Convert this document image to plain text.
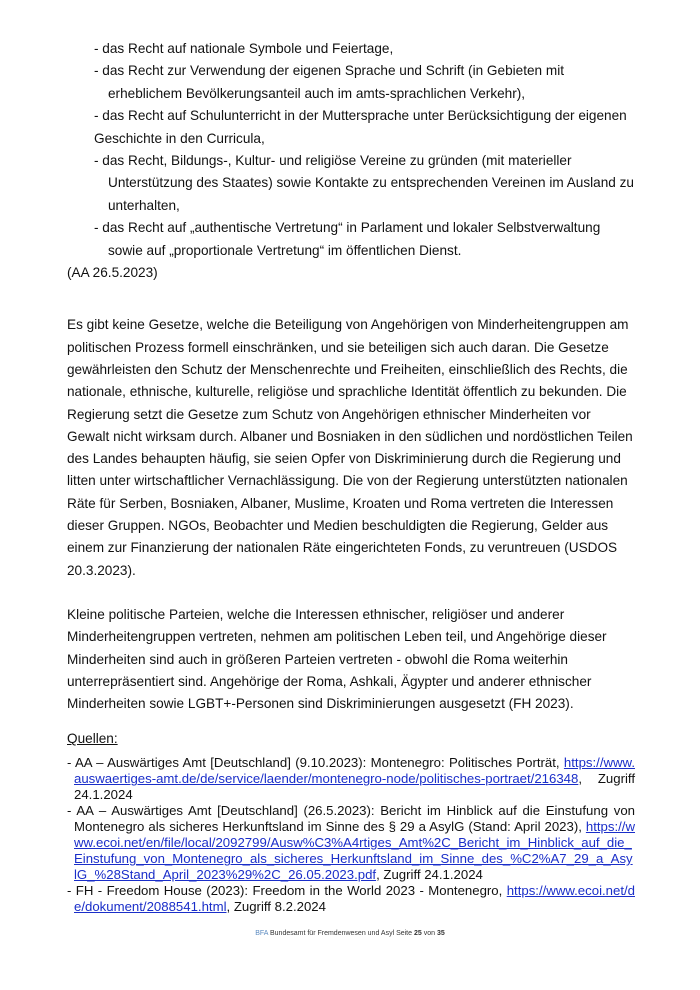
- das Recht auf nationale Symbole und Feiertage,
- das Recht zur Verwendung der eigenen Sprache und Schrift (in Gebieten mit erheblichem Bevölkerungsanteil auch im amts-sprachlichen Verkehr),
- das Recht auf Schulunterricht in der Muttersprache unter Berücksichtigung der eigenen Geschichte in den Curricula,
- das Recht, Bildungs-, Kultur- und religiöse Vereine zu gründen (mit materieller Unterstützung des Staates) sowie Kontakte zu entsprechenden Vereinen im Ausland zu unterhalten,
- das Recht auf „authentische Vertretung“ in Parlament und lokaler Selbstverwaltung sowie auf „proportionale Vertretung“ im öffentlichen Dienst.

(AA 26.5.2023)

Es gibt keine Gesetze, welche die Beteiligung von Angehörigen von Minderheitengruppen am politischen Prozess formell einschränken, und sie beteiligen sich auch daran. Die Gesetze gewährleisten den Schutz der Menschenrechte und Freiheiten, einschließlich des Rechts, die nationale, ethnische, kulturelle, religiöse und sprachliche Identität öffentlich zu bekunden. Die Regierung setzt die Gesetze zum Schutz von Angehörigen ethnischer Minderheiten vor Gewalt nicht wirksam durch. Albaner und Bosniaken in den südlichen und nordöstlichen Teilen des Landes behaupten häufig, sie seien Opfer von Diskriminierung durch die Regierung und litten unter wirtschaftlicher Vernachlässigung. Die von der Regierung unterstützten nationalen Räte für Serben, Bosniaken, Albaner, Muslime, Kroaten und Roma vertreten die Interessen dieser Gruppen. NGOs, Beobachter und Medien beschuldigten die Regierung, Gelder aus einem zur Finanzierung der nationalen Räte eingerichteten Fonds, zu veruntreuen (USDOS 20.3.2023).

Kleine politische Parteien, welche die Interessen ethnischer, religiöser und anderer Minderheitengruppen vertreten, nehmen am politischen Leben teil, und Angehörige dieser Minderheiten sind auch in größeren Parteien vertreten - obwohl die Roma weiterhin unterrepräsentiert sind. Angehörige der Roma, Ashkali, Ägypter und anderer ethnischer Minderheiten sowie LGBT+-Personen sind Diskriminierungen ausgesetzt (FH 2023).

Quellen:
- AA – Auswärtiges Amt [Deutschland] (9.10.2023): Montenegro: Politisches Porträt, https://www.auswaertiges-amt.de/de/service/laender/montenegro-node/politisches-portraet/216348, Zugriff 24.1.2024
- AA – Auswärtiges Amt [Deutschland] (26.5.2023): Bericht im Hinblick auf die Einstufung von Montenegro als sicheres Herkunftsland im Sinne des § 29 a AsylG (Stand: April 2023), https://www.ecoi.net/en/file/local/2092799/Ausw%C3%A4rtiges_Amt%2C_Bericht_im_Hinblick_auf_die_Einstufung_von_Montenegro_als_sicheres_Herkunftsland_im_Sinne_des_%C2%A7_29_a_AsylG_%28Stand_April_2023%29%2C_26.05.2023.pdf, Zugriff 24.1.2024
- FH - Freedom House (2023): Freedom in the World 2023 - Montenegro, https://www.ecoi.net/de/dokument/2088541.html, Zugriff 8.2.2024
BFA Bundesamt für Fremdenwesen und Asyl Seite 25 von 35
